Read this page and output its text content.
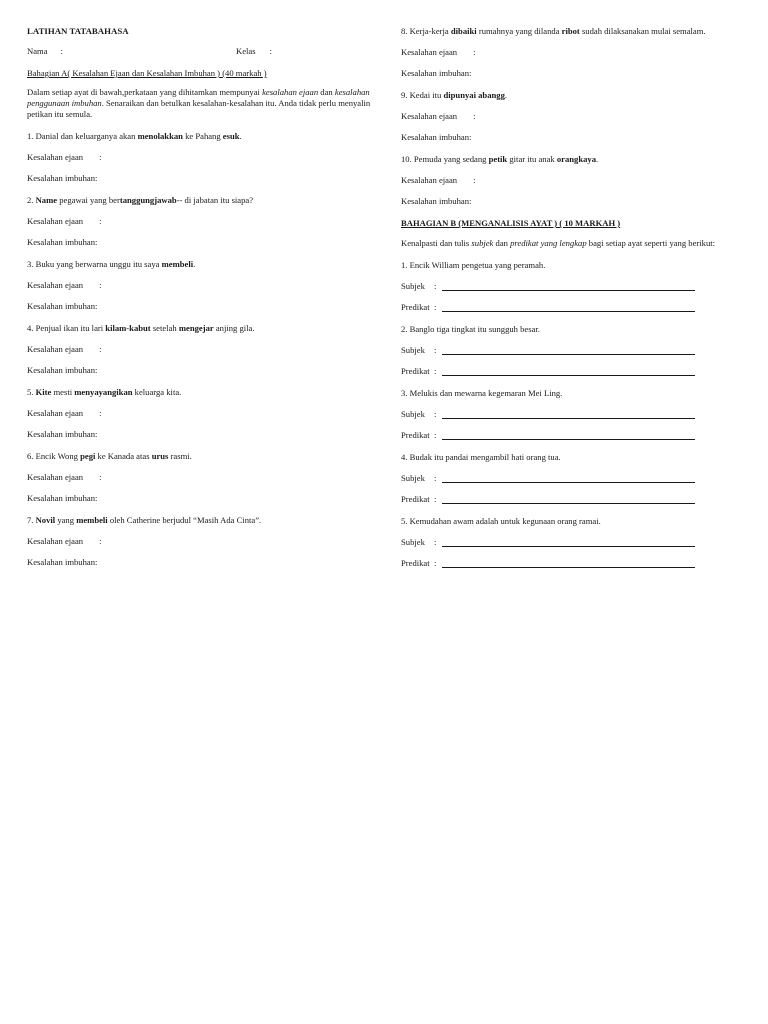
LATIHAN TATABAHASA
Nama :	Kelas :
Bahagian A( Kesalahan Ejaan dan Kesalahan Imbuhan ) (40 markah )
Dalam setiap ayat di bawah,perkataan yang dihitamkan mempunyai kesalahan ejaan dan kesalahan penggunaan imbuhan. Senaraikan dan betulkan kesalahan-kesalahan itu. Anda tidak perlu menyalin petikan itu semula.
1. Danial dan keluarganya akan menolakkan ke Pahang esuk.
Kesalahan ejaan :
Kesalahan imbuhan:
2. Name pegawai yang bertanggungjawab-- di jabatan itu siapa?
Kesalahan ejaan :
Kesalahan imbuhan:
3. Buku yang berwarna unggu itu saya membeli.
Kesalahan ejaan :
Kesalahan imbuhan:
4. Penjual ikan itu lari kilam-kabut setelah mengejar anjing gila.
Kesalahan ejaan :
Kesalahan imbuhan:
5. Kite mesti menyayangikan keluarga kita.
Kesalahan ejaan :
Kesalahan imbuhan:
6. Encik Wong pegi ke Kanada atas urus rasmi.
Kesalahan ejaan :
Kesalahan imbuhan:
7. Novil yang membeli oleh Catherine berjudul “Masih Ada Cinta”.
Kesalahan ejaan :
Kesalahan imbuhan:
8. Kerja-kerja dibaiki rumahnya yang dilanda ribot sudah dilaksanakan mulai semalam.
Kesalahan ejaan :
Kesalahan imbuhan:
9. Kedai itu dipunyai abangg.
Kesalahan ejaan :
Kesalahan imbuhan:
10. Pemuda yang sedang petik gitar itu anak orangkaya.
Kesalahan ejaan :
Kesalahan imbuhan:
BAHAGIAN B (MENGANALISIS AYAT ) ( 10 MARKAH )
Kenalpasti dan tulis subjek dan predikat yang lengkap bagi setiap ayat seperti yang berikut:
1. Encik William pengetua yang peramah.
Subjek :
Predikat :
2. Banglo tiga tingkat itu sungguh besar.
Subjek :
Predikat :
3. Melukis dan mewarna kegemaran Mei Ling.
Subjek :
Predikat :
4. Budak itu pandai mengambil hati orang tua.
Subjek :
Predikat :
5. Kemudahan awam adalah untuk kegunaan orang ramai.
Subjek :
Predikat :
